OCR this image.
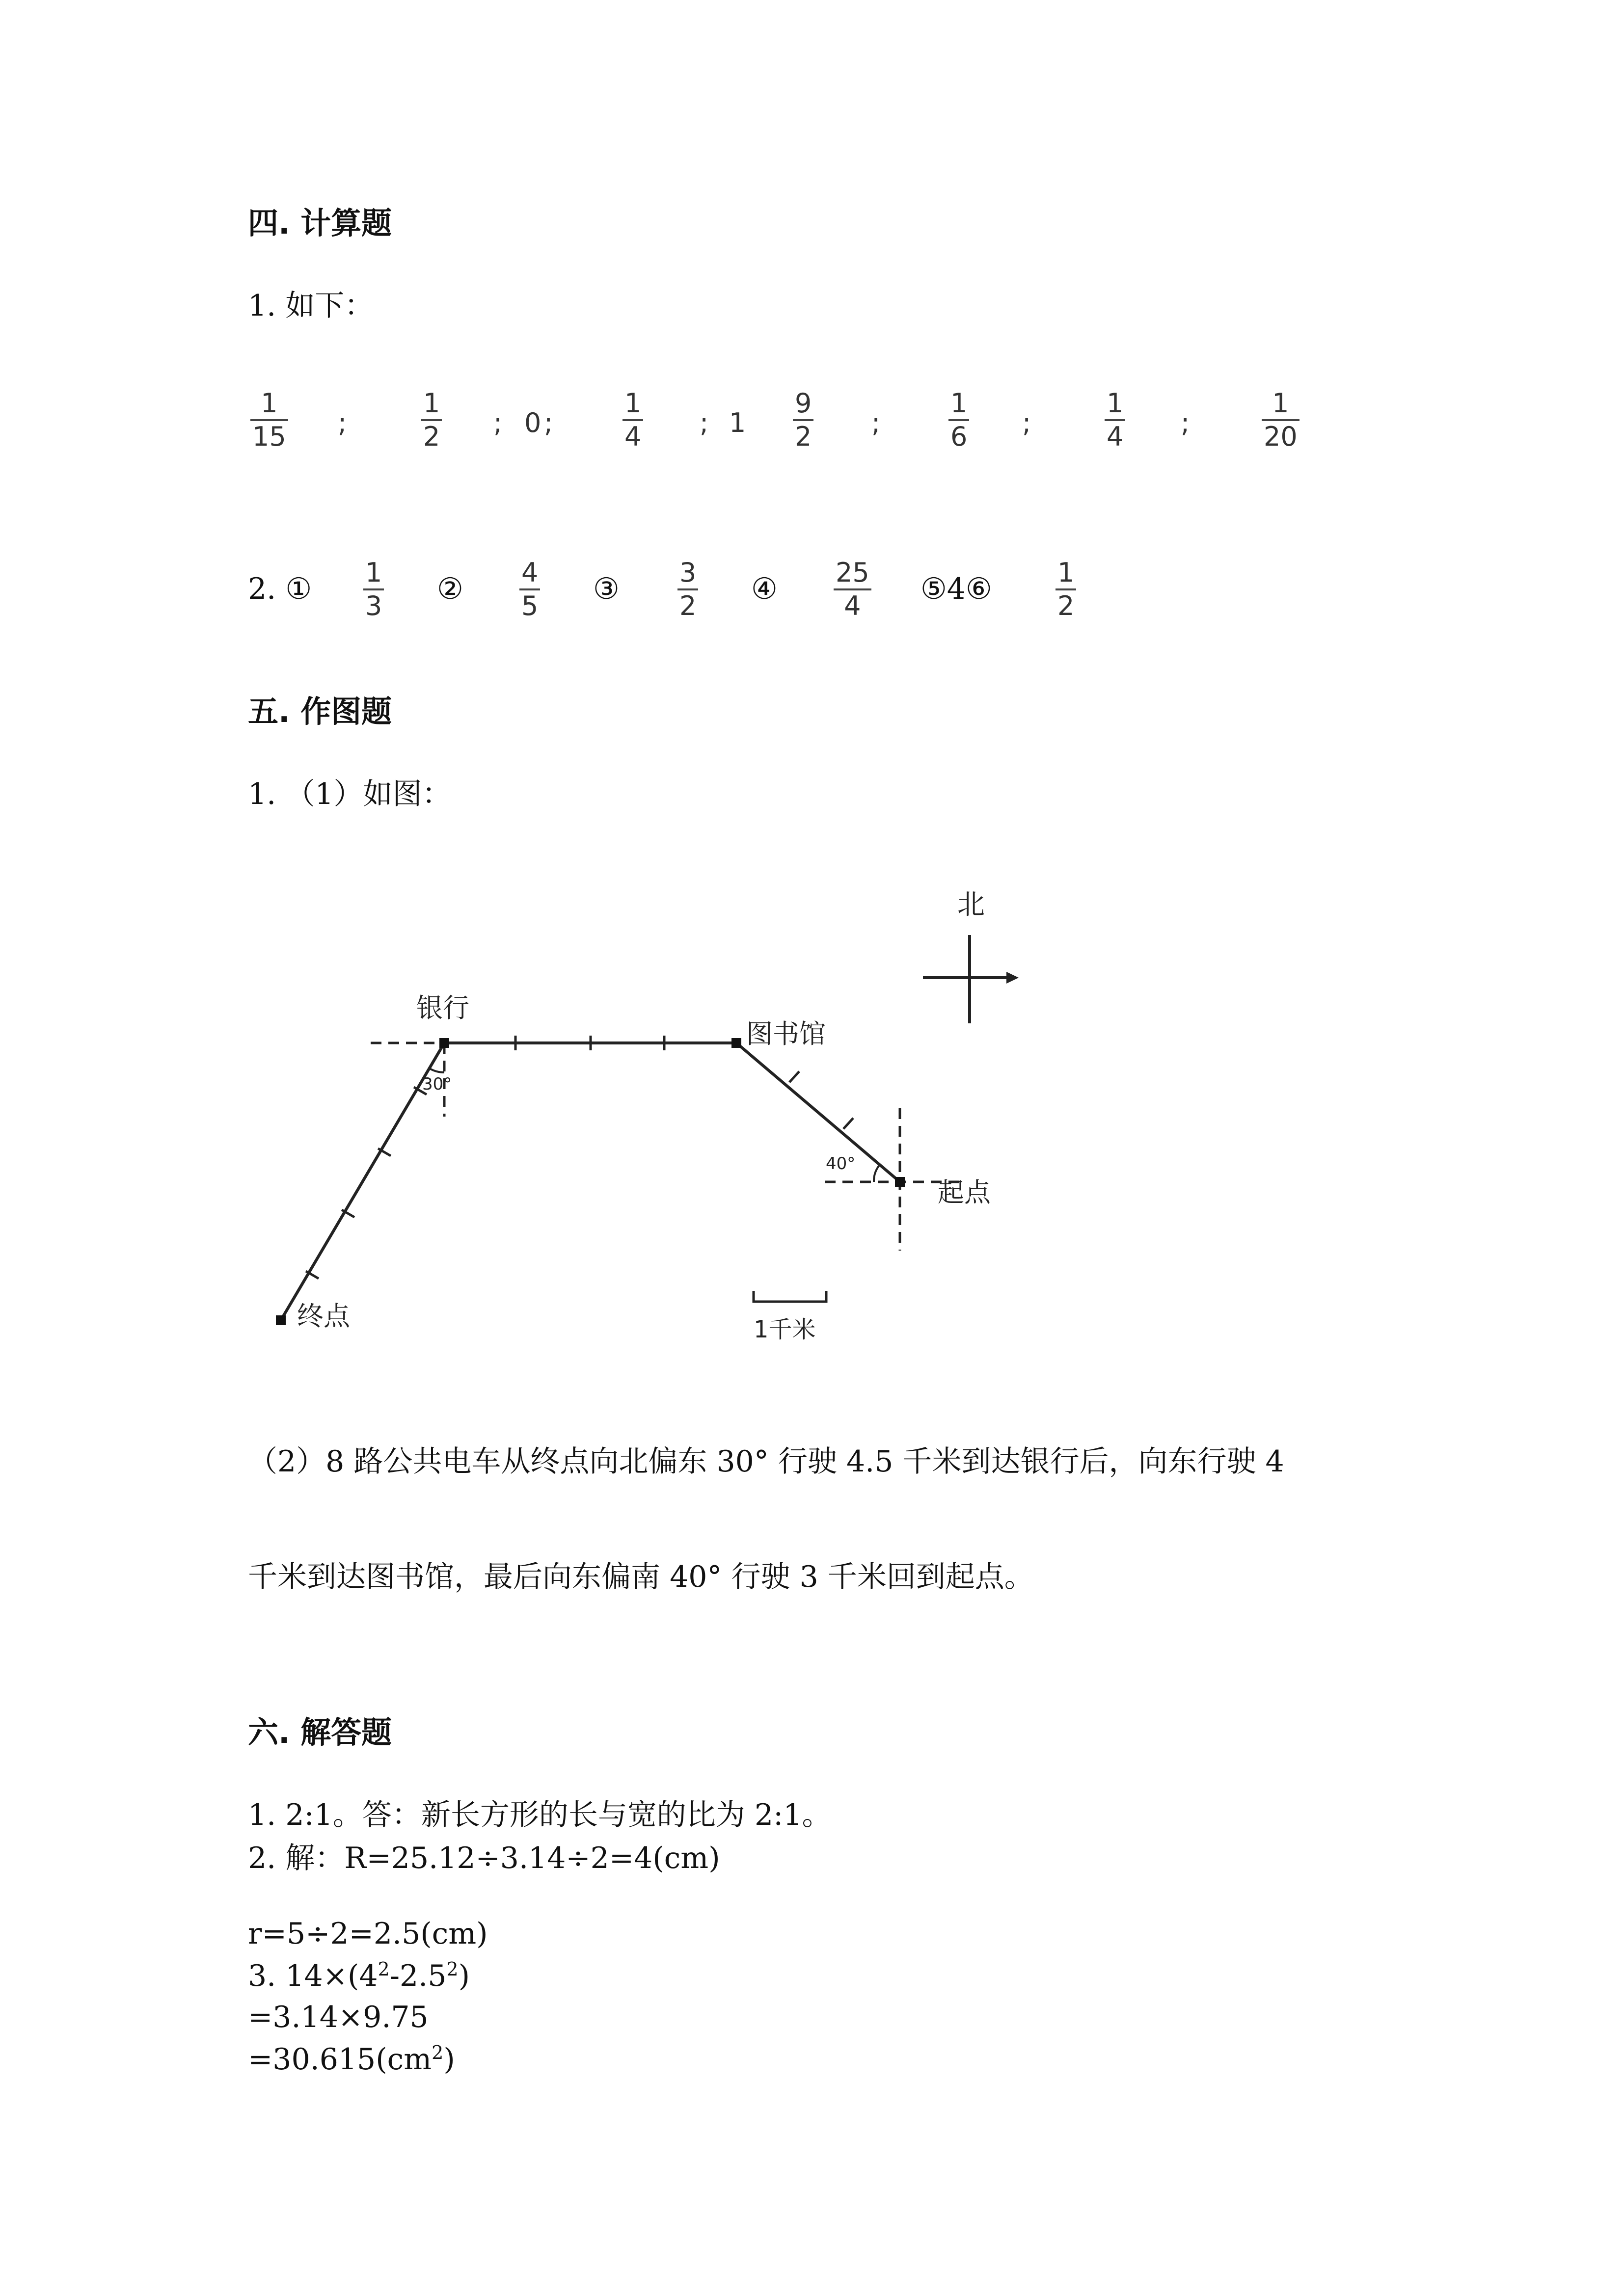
四. 计算题
1. 如下：
1
15 ;
1
2 ; 0 ;
1
4 ; 1
9
2 ;
1
6 ;
1
4 ;
1
20
2. ① 1
3 ② 4
5 ③ 3
2 ④ 25
4 ⑤4⑥ 1
2
五. 作图题
1. （1）如图：
北
银行
图书馆
起点
终点
30°
40°
1千米
（2）8 路公共电车从终点向北偏东 30° 行驶 4.5 千米到达银行后，向东行驶 4
千米到达图书馆，最后向东偏南 40° 行驶 3 千米回到起点。
六. 解答题
1. 2:1。答：新长方形的长与宽的比为 2:1。
2. 解：R=25.12÷3.14÷2=4(cm)
r=5÷2=2.5(cm)
3. $14\times(4^2-2.5^2)$
=3.14×9.75
$=30.615(cm^2)$
